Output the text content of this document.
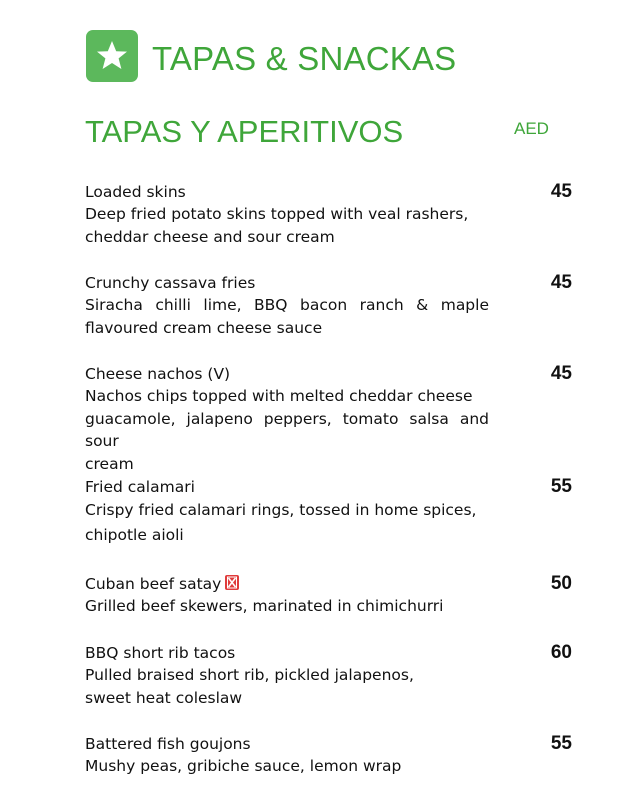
TAPAS & SNACKAS
TAPAS Y APERITIVOS	AED
Loaded skins
Deep fried potato skins topped with veal rashers,
cheddar cheese and sour cream
45
Crunchy cassava fries
Siracha chilli lime, BBQ bacon ranch & maple
flavoured cream cheese sauce
45
Cheese nachos (V)
Nachos chips topped with melted cheddar cheese
guacamole, jalapeno peppers, tomato salsa and sour
cream
45
Fried calamari
Crispy fried calamari rings, tossed in home spices,
chipotle aioli
55
Cuban beef satay
Grilled beef skewers, marinated in chimichurri
50
BBQ short rib tacos
Pulled braised short rib, pickled jalapenos,
sweet heat coleslaw
60
Battered fish goujons
Mushy peas, gribiche sauce, lemon wrap
55
